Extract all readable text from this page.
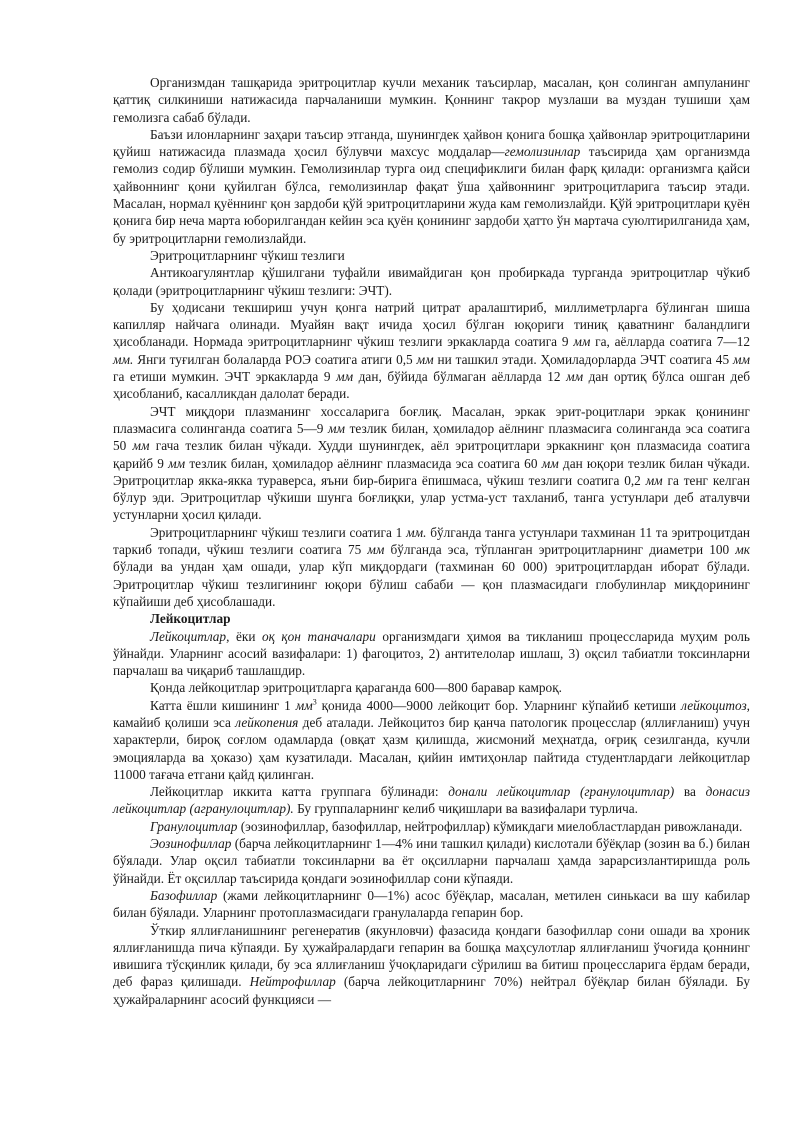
Организмдан ташқарида эритроцитлар кучли механик таъсирлар, масалан, қон солинган ампуланинг қаттиқ силкиниши натижасида парчаланиши мумкин. Қоннинг такрор музлаши ва муздан тушиши ҳам гемолизга сабаб бўлади.

Баъзи илонларнинг заҳари таъсир этганда, шунингдек ҳайвон қонига бошқа ҳайвонлар эритроцитларини қуйиш натижасида плазмада ҳосил бўлувчи махсус моддалар—гемолизинлар таъсирида ҳам организмда гемолиз содир бўлиши мумкин. Гемолизинлар турга оид спецификлиги билан фарқ қилади: организмга қайси ҳайвоннинг қони қуйилган бўлса, гемолизинлар фақат ўша ҳайвоннинг эритроцитларига таъсир этади. Масалан, нормал қуённинг қон зардоби қўй эритроцитларини жуда кам гемолизлайди. Қўй эритроцитлари қуён қонига бир неча марта юборилгандан кейин эса қуён қонининг зардоби ҳатто ўн мартача суюлтирилганида ҳам, бу эритроцитларни гемолизлайди.

Эритроцитларнинг чўкиш тезлиги

Антикоагулянтлар қўшилгани туфайли ивимайдиган қон пробиркада турганда эритроцитлар чўкиб қолади (эритроцитларнинг чўкиш тезлиги: ЭЧТ).

Бу ҳодисани текшириш учун қонга натрий цитрат аралаштириб, миллиметрларга бўлинган шиша капилляр найчага олинади. Муайян вақт ичида ҳосил бўлган юқориги тиниқ қаватнинг баландлиги ҳисобланади. Нормада эритроцитларнинг чўкиш тезлиги эркакларда соатига 9 мм га, аёлларда соатига 7—12 мм. Янги туғилган болаларда РОЭ соатига атиги 0,5 мм ни ташкил этади. Ҳомиладорларда ЭЧТ соатига 45 мм га етиши мумкин. ЭЧТ эркакларда 9 мм дан, бўйида бўлмаган аёлларда 12 мм дан ортиқ бўлса ошган деб ҳисобланиб, касалликдан далолат беради.

ЭЧТ миқдори плазманинг хоссаларига боғлиқ. Масалан, эркак эрит-роцитлари эркак қонининг плазмасига солинганда соатига 5—9 мм тезлик билан, ҳомиладор аёлнинг плазмасига солинганда эса соатига 50 мм гача тезлик билан чўкади. Худди шунингдек, аёл эритроцитлари эркакнинг қон плазмасида соатига қарийб 9 мм тезлик билан, ҳомиладор аёлнинг плазмасида эса соатига 60 мм дан юқори тезлик билан чўкади. Эритроцитлар якка-якка тураверса, яъни бир-бирига ёпишмаса, чўкиш тезлиги соатига 0,2 мм га тенг келган бўлур эди. Эритроцитлар чўкиши шунга боғлиқки, улар устма-уст тахланиб, танга устунлари деб аталувчи устунларни ҳосил қилади.

Эритроцитларнинг чўкиш тезлиги соатига 1 мм. бўлганда танга устунлари тахминан 11 та эритроцитдан таркиб топади, чўкиш тезлиги соатига 75 мм бўлганда эса, тўпланган эритроцитларнинг диаметри 100 мк бўлади ва ундан ҳам ошади, улар кўп миқдордаги (тахминан 60 000) эритроцитлардан иборат бўлади. Эритроцитлар чўкиш тезлигининг юқори бўлиш сабаби — қон плазмасидаги глобулинлар миқдорининг кўпайиши деб ҳисоблашади.

Лейкоцитлар

Лейкоцитлар, ёки оқ қон таначалари организмдаги ҳимоя ва тикланиш процессларида муҳим роль ўйнайди. Уларнинг асосий вазифалари: 1) фагоцитоз, 2) антителолар ишлаш, 3) оқсил табиатли токсинларни парчалаш ва чиқариб ташлашдир.

Қонда лейкоцитлар эритроцитларга қараганда 600—800 баравар камроқ.

Катта ёшли кишининг 1 $мм^3$ қонида 4000—9000 лейкоцит бор. Уларнинг кўпайиб кетиши лейкоцитоз, камайиб қолиши эса лейкопения деб аталади. Лейкоцитоз бир қанча патологик процесслар (яллиғланиш) учун характерли, бироқ соғлом одамларда (овқат ҳазм қилишда, жисмоний меҳнатда, оғриқ сезилганда, кучли эмоцияларда ва ҳоказо) ҳам кузатилади. Масалан, қийин имтиҳонлар пайтида студентлардаги лейкоцитлар 11000 тағача етгани қайд қилинган.

Лейкоцитлар иккита катта группага бўлинади: донали лейкоцитлар (гранулоцитлар) ва донасиз лейкоцитлар (агранулоцитлар). Бу группаларнинг келиб чиқишлари ва вазифалари турлича.

Гранулоцитлар (эозинофиллар, базофиллар, нейтрофиллар) кўмикдаги миелобластлардан ривожланади.

Эозинофиллар (барча лейкоцитларнинг 1—4% ини ташкил қилади) кислотали бўёқлар (зозин ва б.) билан бўялади. Улар оқсил табиатли токсинларни ва ёт оқсилларни парчалаш ҳамда зарарсизлантиришда роль ўйнайди. Ёт оқсиллар таъсирида қондаги эозинофиллар сони кўпаяди.

Базофиллар (жами лейкоцитларнинг 0—1%) асос бўёқлар, масалан, метилен синькаси ва шу кабилар билан бўялади. Уларнинг протоплазмасидаги гранулаларда гепарин бор.

Ўткир яллиғланишнинг регенератив (якунловчи) фазасида қондаги базофиллар сони ошади ва хроник яллиғланишда пича кўпаяди. Бу ҳужайралардаги гепарин ва бошқа маҳсулотлар яллиғланиш ўчоғида қоннинг ивишига тўсқинлик қилади, бу эса яллиғланиш ўчоқларидаги сўрилиш ва битиш процессларига ёрдам беради, деб фараз қилишади. Нейтрофиллар (барча лейкоцитларнинг 70%) нейтрал бўёқлар билан бўялади. Бу ҳужайраларнинг асосий функцияси —
